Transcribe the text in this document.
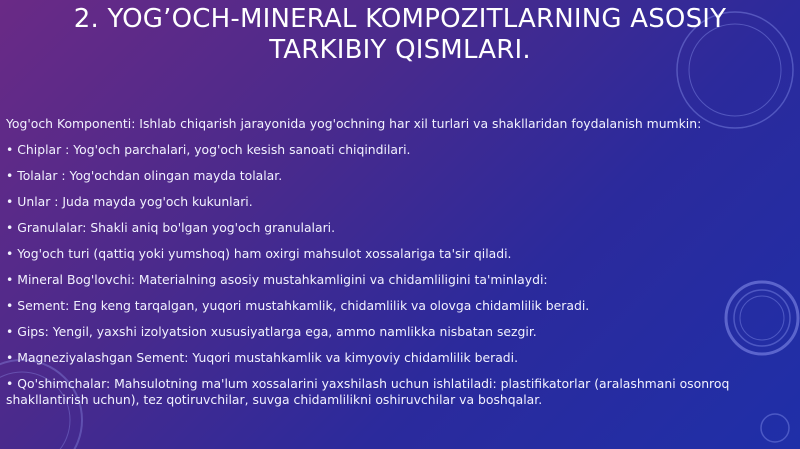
2. YOG’OCH-MINERAL KOMPOZITLARNING ASOSIY
TARKIBIY QISMLARI.
Yog'och Komponenti: Ishlab chiqarish jarayonida yog'ochning har xil turlari va shakllaridan foydalanish mumkin:
• Chiplar : Yog'och parchalari, yog'och kesish sanoati chiqindilari.
• Tolalar : Yog'ochdan olingan mayda tolalar.
• Unlar : Juda mayda yog'och kukunlari.
• Granulalar: Shakli aniq bo'lgan yog'och granulalari.
• Yog'och turi (qattiq yoki yumshoq) ham oxirgi mahsulot xossalariga ta'sir qiladi.
• Mineral Bog'lovchi: Materialning asosiy mustahkamligini va chidamliligini ta'minlaydi:
• Sement: Eng keng tarqalgan, yuqori mustahkamlik, chidamlilik va olovga chidamlilik beradi.
• Gips: Yengil, yaxshi izolyatsion xususiyatlarga ega, ammo namlikka nisbatan sezgir.
• Magneziyalashgan Sement: Yuqori mustahkamlik va kimyoviy chidamlilik beradi.
• Qo'shimchalar: Mahsulotning ma'lum xossalarini yaxshilash uchun ishlatiladi: plastifikatorlar (aralashmani osonroq shakllantirish uchun), tez qotiruvchilar, suvga chidamlilikni oshiruvchilar va boshqalar.
